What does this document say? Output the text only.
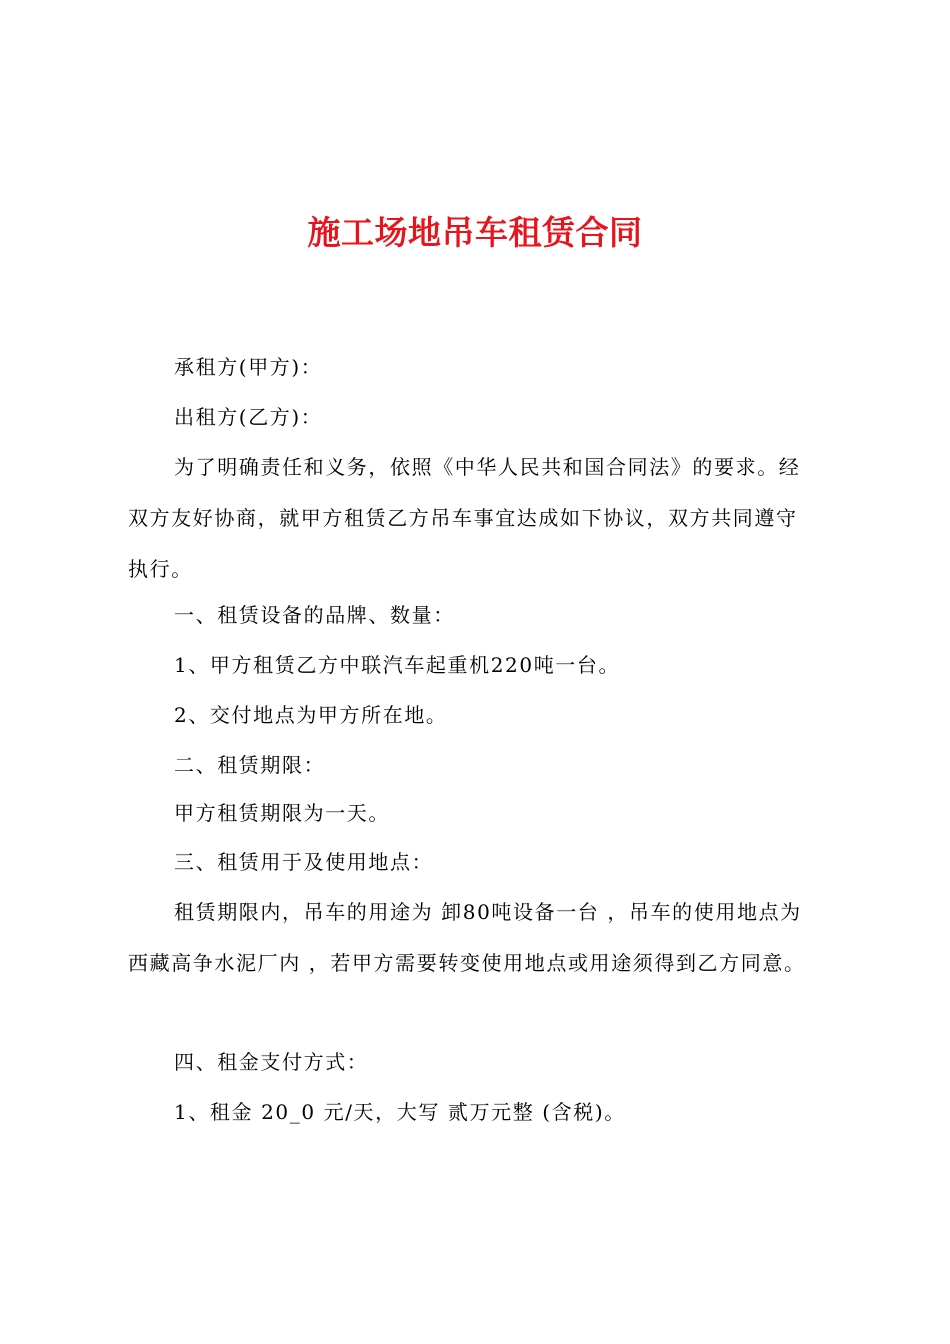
施工场地吊车租赁合同

承租方(甲方)：

出租方(乙方)：

为了明确责任和义务，依照《中华人民共和国合同法》的要求。经
双方友好协商，就甲方租赁乙方吊车事宜达成如下协议，双方共同遵守
执行。

一、租赁设备的品牌、数量：

1、甲方租赁乙方中联汽车起重机220吨一台。

2、交付地点为甲方所在地。

二、租赁期限：

甲方租赁期限为一天。

三、租赁用于及使用地点：

租赁期限内，吊车的用途为 卸80吨设备一台 ，吊车的使用地点为
西藏高争水泥厂内 ，若甲方需要转变使用地点或用途须得到乙方同意。

四、租金支付方式：

1、租金 20_0 元/天，大写 贰万元整 (含税)。
